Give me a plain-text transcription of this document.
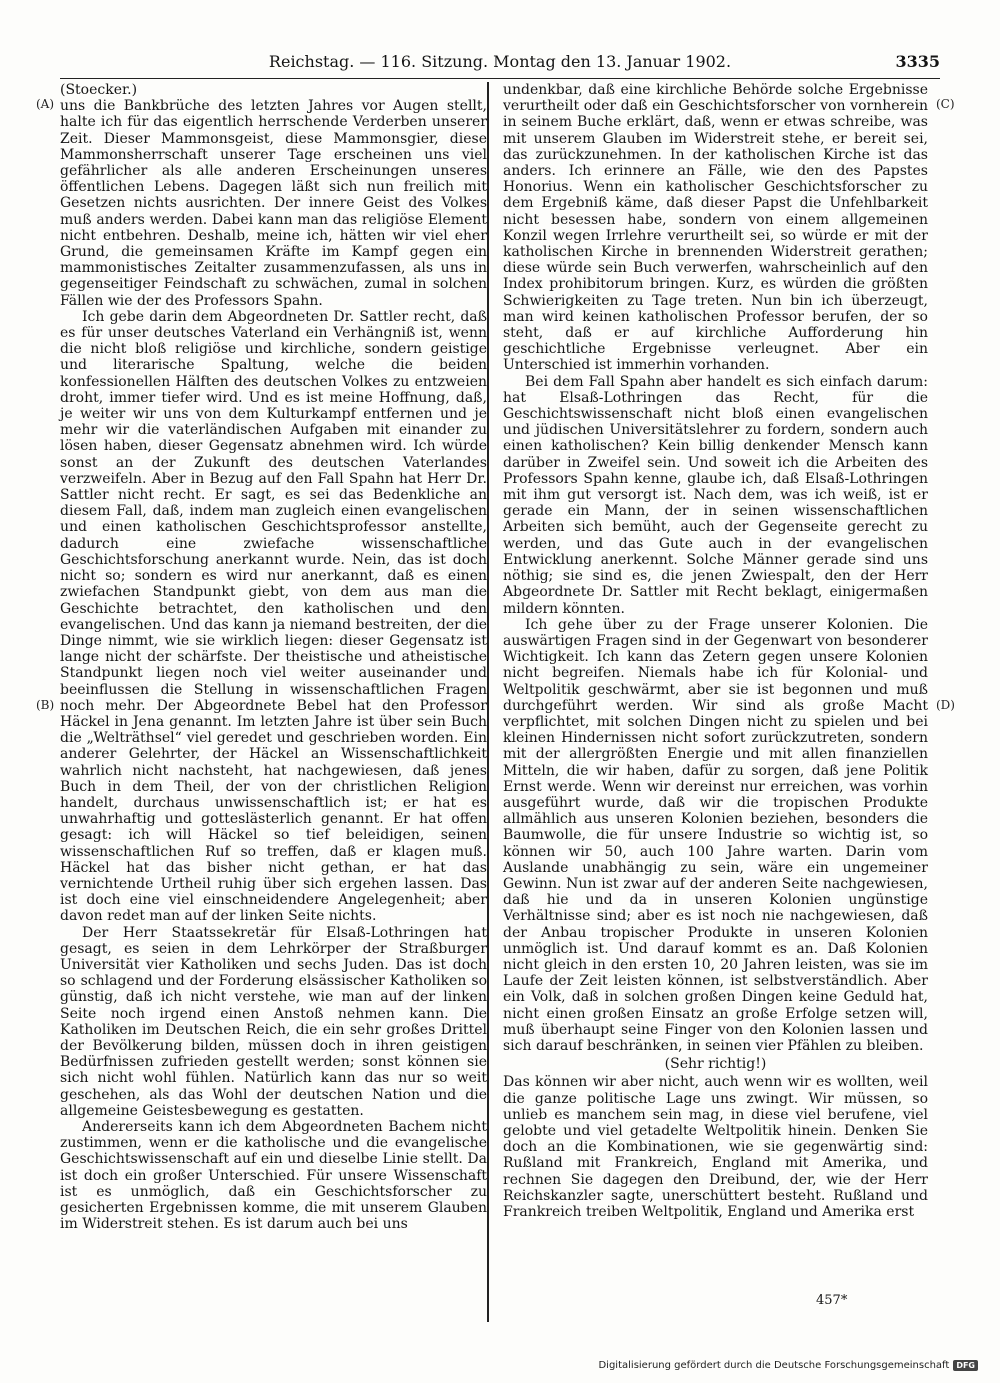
Reichstag. — 116. Sitzung. Montag den 13. Januar 1902.	3335
(A)
(B)
(C)
(D)

(Stoecker.)

uns die Bankbrüche des letzten Jahres vor Augen stellt, halte ich für das eigentlich herrschende Verderben unserer Zeit. Dieser Mammonsgeist, diese Mammonsgier, diese Mammonsherrschaft unserer Tage erscheinen uns viel gefährlicher als alle anderen Erscheinungen unseres öffentlichen Lebens. Dagegen läßt sich nun freilich mit Gesetzen nichts ausrichten. Der innere Geist des Volkes muß anders werden. Dabei kann man das religiöse Element nicht entbehren. Deshalb, meine ich, hätten wir viel eher Grund, die gemeinsamen Kräfte im Kampf gegen ein mammonistisches Zeitalter zusammenzufassen, als uns in gegenseitiger Feindschaft zu schwächen, zumal in solchen Fällen wie der des Professors Spahn.

Ich gebe darin dem Abgeordneten Dr. Sattler recht, daß es für unser deutsches Vaterland ein Verhängniß ist, wenn die nicht bloß religiöse und kirchliche, sondern geistige und literarische Spaltung, welche die beiden konfessionellen Hälften des deutschen Volkes zu entzweien droht, immer tiefer wird. Und es ist meine Hoffnung, daß, je weiter wir uns von dem Kulturkampf entfernen und je mehr wir die vaterländischen Aufgaben mit einander zu lösen haben, dieser Gegensatz abnehmen wird. Ich würde sonst an der Zukunft des deutschen Vaterlandes verzweifeln. Aber in Bezug auf den Fall Spahn hat Herr Dr. Sattler nicht recht. Er sagt, es sei das Bedenkliche an diesem Fall, daß, indem man zugleich einen evangelischen und einen katholischen Geschichtsprofessor anstellte, dadurch eine zwiefache wissenschaftliche Geschichtsforschung anerkannt wurde. Nein, das ist doch nicht so; sondern es wird nur anerkannt, daß es einen zwiefachen Standpunkt giebt, von dem aus man die Geschichte betrachtet, den katholischen und den evangelischen. Und das kann ja niemand bestreiten, der die Dinge nimmt, wie sie wirklich liegen: dieser Gegensatz ist lange nicht der schärfste. Der theistische und atheistische Standpunkt liegen noch viel weiter auseinander und beeinflussen die Stellung in wissenschaftlichen Fragen noch mehr. Der Abgeordnete Bebel hat den Professor Häckel in Jena genannt. Im letzten Jahre ist über sein Buch die „Welträthsel“ viel geredet und geschrieben worden. Ein anderer Gelehrter, der Häckel an Wissenschaftlichkeit wahrlich nicht nachsteht, hat nachgewiesen, daß jenes Buch in dem Theil, der von der christlichen Religion handelt, durchaus unwissenschaftlich ist; er hat es unwahrhaftig und gotteslästerlich genannt. Er hat offen gesagt: ich will Häckel so tief beleidigen, seinen wissenschaftlichen Ruf so treffen, daß er klagen muß. Häckel hat das bisher nicht gethan, er hat das vernichtende Urtheil ruhig über sich ergehen lassen. Das ist doch eine viel einschneidendere Angelegenheit; aber davon redet man auf der linken Seite nichts.

Der Herr Staatssekretär für Elsaß-Lothringen hat gesagt, es seien in dem Lehrkörper der Straßburger Universität vier Katholiken und sechs Juden. Das ist doch so schlagend und der Forderung elsässischer Katholiken so günstig, daß ich nicht verstehe, wie man auf der linken Seite noch irgend einen Anstoß nehmen kann. Die Katholiken im Deutschen Reich, die ein sehr großes Drittel der Bevölkerung bilden, müssen doch in ihren geistigen Bedürfnissen zufrieden gestellt werden; sonst können sie sich nicht wohl fühlen. Natürlich kann das nur so weit geschehen, als das Wohl der deutschen Nation und die allgemeine Geistesbewegung es gestatten.

Andererseits kann ich dem Abgeordneten Bachem nicht zustimmen, wenn er die katholische und die evangelische Geschichtswissenschaft auf ein und dieselbe Linie stellt. Da ist doch ein großer Unterschied. Für unsere Wissenschaft ist es unmöglich, daß ein Geschichtsforscher zu gesicherten Ergebnissen komme, die mit unserem Glauben im Widerstreit stehen. Es ist darum auch bei uns

undenkbar, daß eine kirchliche Behörde solche Ergebnisse verurtheilt oder daß ein Geschichtsforscher von vornherein in seinem Buche erklärt, daß, wenn er etwas schreibe, was mit unserem Glauben im Widerstreit stehe, er bereit sei, das zurückzunehmen. In der katholischen Kirche ist das anders. Ich erinnere an Fälle, wie den des Papstes Honorius. Wenn ein katholischer Geschichtsforscher zu dem Ergebniß käme, daß dieser Papst die Unfehlbarkeit nicht besessen habe, sondern von einem allgemeinen Konzil wegen Irrlehre verurtheilt sei, so würde er mit der katholischen Kirche in brennenden Widerstreit gerathen; diese würde sein Buch verwerfen, wahrscheinlich auf den Index prohibitorum bringen. Kurz, es würden die größten Schwierigkeiten zu Tage treten. Nun bin ich überzeugt, man wird keinen katholischen Professor berufen, der so steht, daß er auf kirchliche Aufforderung hin geschichtliche Ergebnisse verleugnet. Aber ein Unterschied ist immerhin vorhanden.

Bei dem Fall Spahn aber handelt es sich einfach darum: hat Elsaß-Lothringen das Recht, für die Geschichtswissenschaft nicht bloß einen evangelischen und jüdischen Universitätslehrer zu fordern, sondern auch einen katholischen? Kein billig denkender Mensch kann darüber in Zweifel sein. Und soweit ich die Arbeiten des Professors Spahn kenne, glaube ich, daß Elsaß-Lothringen mit ihm gut versorgt ist. Nach dem, was ich weiß, ist er gerade ein Mann, der in seinen wissenschaftlichen Arbeiten sich bemüht, auch der Gegenseite gerecht zu werden, und das Gute auch in der evangelischen Entwicklung anerkennt. Solche Männer gerade sind uns nöthig; sie sind es, die jenen Zwiespalt, den der Herr Abgeordnete Dr. Sattler mit Recht beklagt, einigermaßen mildern könnten.

Ich gehe über zu der Frage unserer Kolonien. Die auswärtigen Fragen sind in der Gegenwart von besonderer Wichtigkeit. Ich kann das Zetern gegen unsere Kolonien nicht begreifen. Niemals habe ich für Kolonial- und Weltpolitik geschwärmt, aber sie ist begonnen und muß durchgeführt werden. Wir sind als große Macht verpflichtet, mit solchen Dingen nicht zu spielen und bei kleinen Hindernissen nicht sofort zurückzutreten, sondern mit der allergrößten Energie und mit allen finanziellen Mitteln, die wir haben, dafür zu sorgen, daß jene Politik Ernst werde. Wenn wir dereinst nur erreichen, was vorhin ausgeführt wurde, daß wir die tropischen Produkte allmählich aus unseren Kolonien beziehen, besonders die Baumwolle, die für unsere Industrie so wichtig ist, so können wir 50, auch 100 Jahre warten. Darin vom Auslande unabhängig zu sein, wäre ein ungemeiner Gewinn. Nun ist zwar auf der anderen Seite nachgewiesen, daß hie und da in unseren Kolonien ungünstige Verhältnisse sind; aber es ist noch nie nachgewiesen, daß der Anbau tropischer Produkte in unseren Kolonien unmöglich ist. Und darauf kommt es an. Daß Kolonien nicht gleich in den ersten 10, 20 Jahren leisten, was sie im Laufe der Zeit leisten können, ist selbstverständlich. Aber ein Volk, daß in solchen großen Dingen keine Geduld hat, nicht einen großen Einsatz an große Erfolge setzen will, muß überhaupt seine Finger von den Kolonien lassen und sich darauf beschränken, in seinen vier Pfählen zu bleiben.

(Sehr richtig!)

Das können wir aber nicht, auch wenn wir es wollten, weil die ganze politische Lage uns zwingt. Wir müssen, so unlieb es manchem sein mag, in diese viel berufene, viel gelobte und viel getadelte Weltpolitik hinein. Denken Sie doch an die Kombinationen, wie sie gegenwärtig sind: Rußland mit Frankreich, England mit Amerika, und rechnen Sie dagegen den Dreibund, der, wie der Herr Reichskanzler sagte, unerschüttert besteht. Rußland und Frankreich treiben Weltpolitik, England und Amerika erst

457*
Digitalisierung gefördert durch die Deutsche Forschungsgemeinschaft DFG
